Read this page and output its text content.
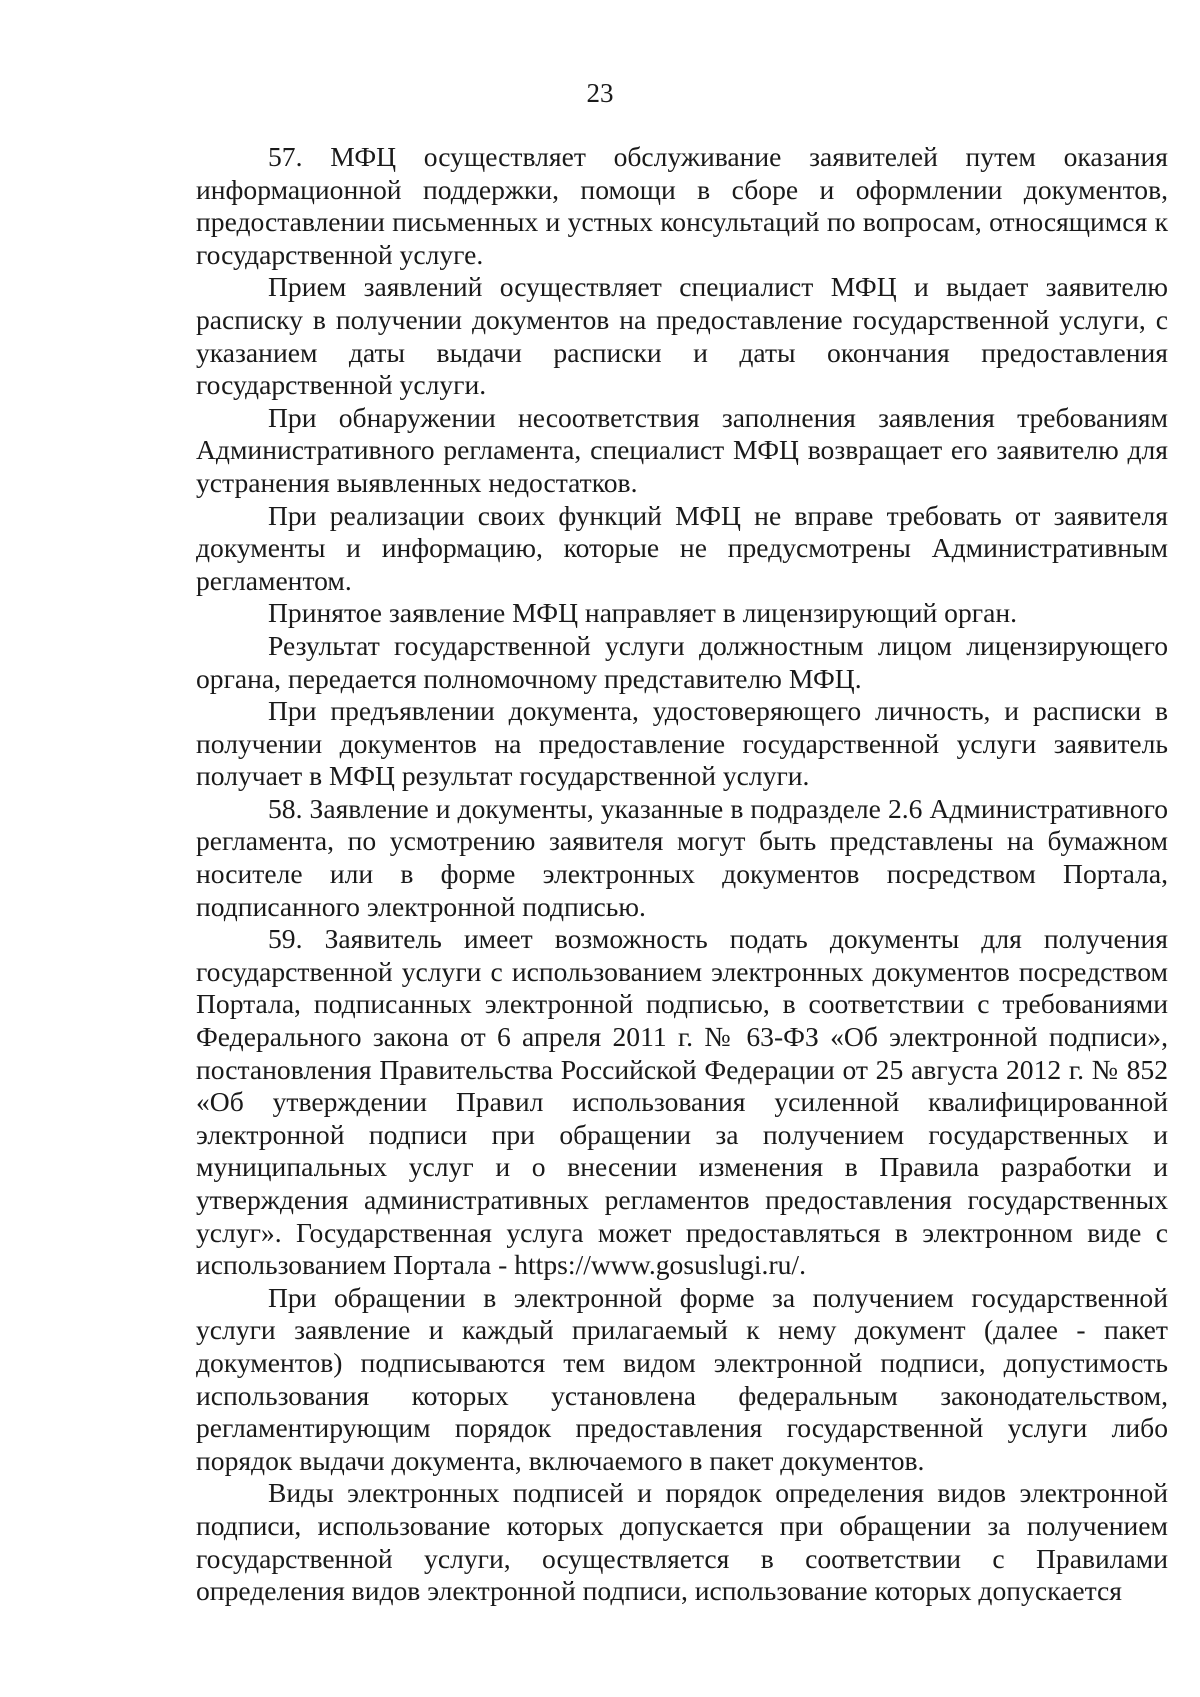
23

57. МФЦ осуществляет обслуживание заявителей путем оказания информационной поддержки, помощи в сборе и оформлении документов, предоставлении письменных и устных консультаций по вопросам, относящимся к государственной услуге.

Прием заявлений осуществляет специалист МФЦ и выдает заявителю расписку в получении документов на предоставление государственной услуги, с указанием даты выдачи расписки и даты окончания предоставления государственной услуги.

При обнаружении несоответствия заполнения заявления требованиям Административного регламента, специалист МФЦ возвращает его заявителю для устранения выявленных недостатков.

При реализации своих функций МФЦ не вправе требовать от заявителя документы и информацию, которые не предусмотрены Административным регламентом.

Принятое заявление МФЦ направляет в лицензирующий орган.

Результат государственной услуги должностным лицом лицензирующего органа, передается полномочному представителю МФЦ.

При предъявлении документа, удостоверяющего личность, и расписки в получении документов на предоставление государственной услуги заявитель получает в МФЦ результат государственной услуги.

58. Заявление и документы, указанные в подразделе 2.6 Административного регламента, по усмотрению заявителя могут быть представлены на бумажном носителе или в форме электронных документов посредством Портала, подписанного электронной подписью.

59. Заявитель имеет возможность подать документы для получения государственной услуги с использованием электронных документов посредством Портала, подписанных электронной подписью, в соответствии с требованиями Федерального закона от 6 апреля 2011 г. № 63-ФЗ «Об электронной подписи», постановления Правительства Российской Федерации от 25 августа 2012 г. № 852 «Об утверждении Правил использования усиленной квалифицированной электронной подписи при обращении за получением государственных и муниципальных услуг и о внесении изменения в Правила разработки и утверждения административных регламентов предоставления государственных услуг». Государственная услуга может предоставляться в электронном виде с использованием Портала - https://www.gosuslugi.ru/.

При обращении в электронной форме за получением государственной услуги заявление и каждый прилагаемый к нему документ (далее - пакет документов) подписываются тем видом электронной подписи, допустимость использования которых установлена федеральным законодательством, регламентирующим порядок предоставления государственной услуги либо порядок выдачи документа, включаемого в пакет документов.

Виды электронных подписей и порядок определения видов электронной подписи, использование которых допускается при обращении за получением государственной услуги, осуществляется в соответствии с Правилами определения видов электронной подписи, использование которых допускается
